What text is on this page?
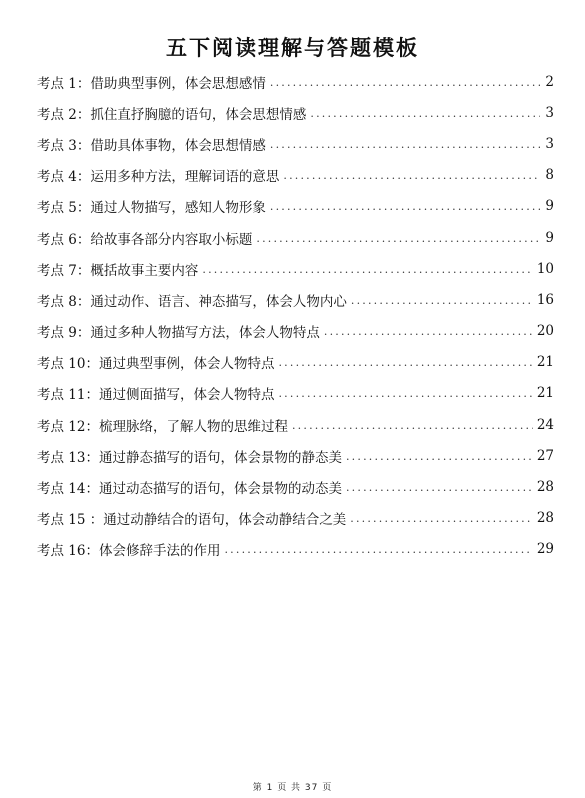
五下阅读理解与答题模板
考点 1：借助典型事例，体会思想感情 .....	2
考点 2：抓住直抒胸臆的语句，体会思想情感 .....	3
考点 3：借助具体事物，体会思想情感 .....	3
考点 4：运用多种方法，理解词语的意思 .....	8
考点 5：通过人物描写，感知人物形象 .....	9
考点 6：给故事各部分内容取小标题 .....	9
考点 7：概括故事主要内容 .....	10
考点 8：通过动作、语言、神态描写，体会人物内心 .....	16
考点 9：通过多种人物描写方法，体会人物特点 .....	20
考点 10：通过典型事例，体会人物特点 .....	21
考点 11：通过侧面描写，体会人物特点 .....	21
考点 12：梳理脉络，了解人物的思维过程 .....	24
考点 13：通过静态描写的语句，体会景物的静态美 .....	27
考点 14：通过动态描写的语句，体会景物的动态美 .....	28
考点 15 ：通过动静结合的语句，体会动静结合之美 .....	28
考点 16：体会修辞手法的作用 .....	29
第 1 页 共 37 页
